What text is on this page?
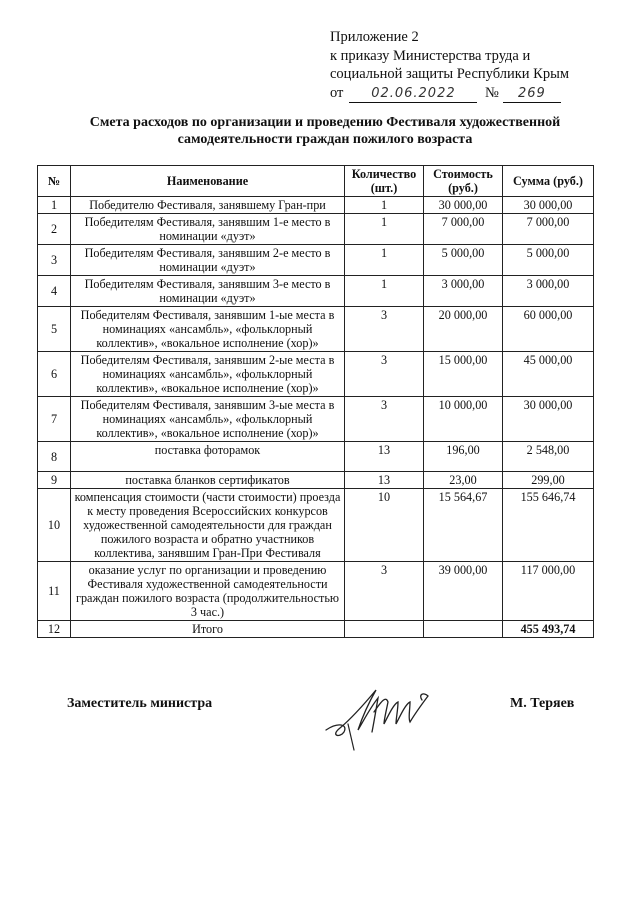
Приложение 2
к приказу Министерства труда и
социальной защиты Республики Крым
от 02.06.2022 № 269
Смета расходов по организации и проведению Фестиваля художественной
самодеятельности граждан пожилого возраста
№	Наименование	Количество (шт.)	Стоимость (руб.)	Сумма (руб.)
1	Победителю Фестиваля, занявшему Гран-при	1	30 000,00	30 000,00
2	Победителям Фестиваля, занявшим 1-е место в номинации «дуэт»	1	7 000,00	7 000,00
3	Победителям Фестиваля, занявшим 2-е место в номинации «дуэт»	1	5 000,00	5 000,00
4	Победителям Фестиваля, занявшим 3-е место в номинации «дуэт»	1	3 000,00	3 000,00
5	Победителям Фестиваля, занявшим 1-ые места в номинациях «ансамбль», «фольклорный коллектив», «вокальное исполнение (хор)»	3	20 000,00	60 000,00
6	Победителям Фестиваля, занявшим 2-ые места в номинациях «ансамбль», «фольклорный коллектив», «вокальное исполнение (хор)»	3	15 000,00	45 000,00
7	Победителям Фестиваля, занявшим 3-ые места в номинациях «ансамбль», «фольклорный коллектив», «вокальное исполнение (хор)»	3	10 000,00	30 000,00
8	поставка фоторамок	13	196,00	2 548,00
9	поставка бланков сертификатов	13	23,00	299,00
10	компенсация стоимости (части стоимости) проезда к месту проведения Всероссийских конкурсов художественной самодеятельности для граждан пожилого возраста и обратно участников коллектива, занявшим Гран-При Фестиваля	10	15 564,67	155 646,74
11	оказание услуг по организации и проведению Фестиваля художественной самодеятельности граждан пожилого возраста (продолжительностью 3 час.)	3	39 000,00	117 000,00
12	Итого			455 493,74
Заместитель министра	М. Теряев
